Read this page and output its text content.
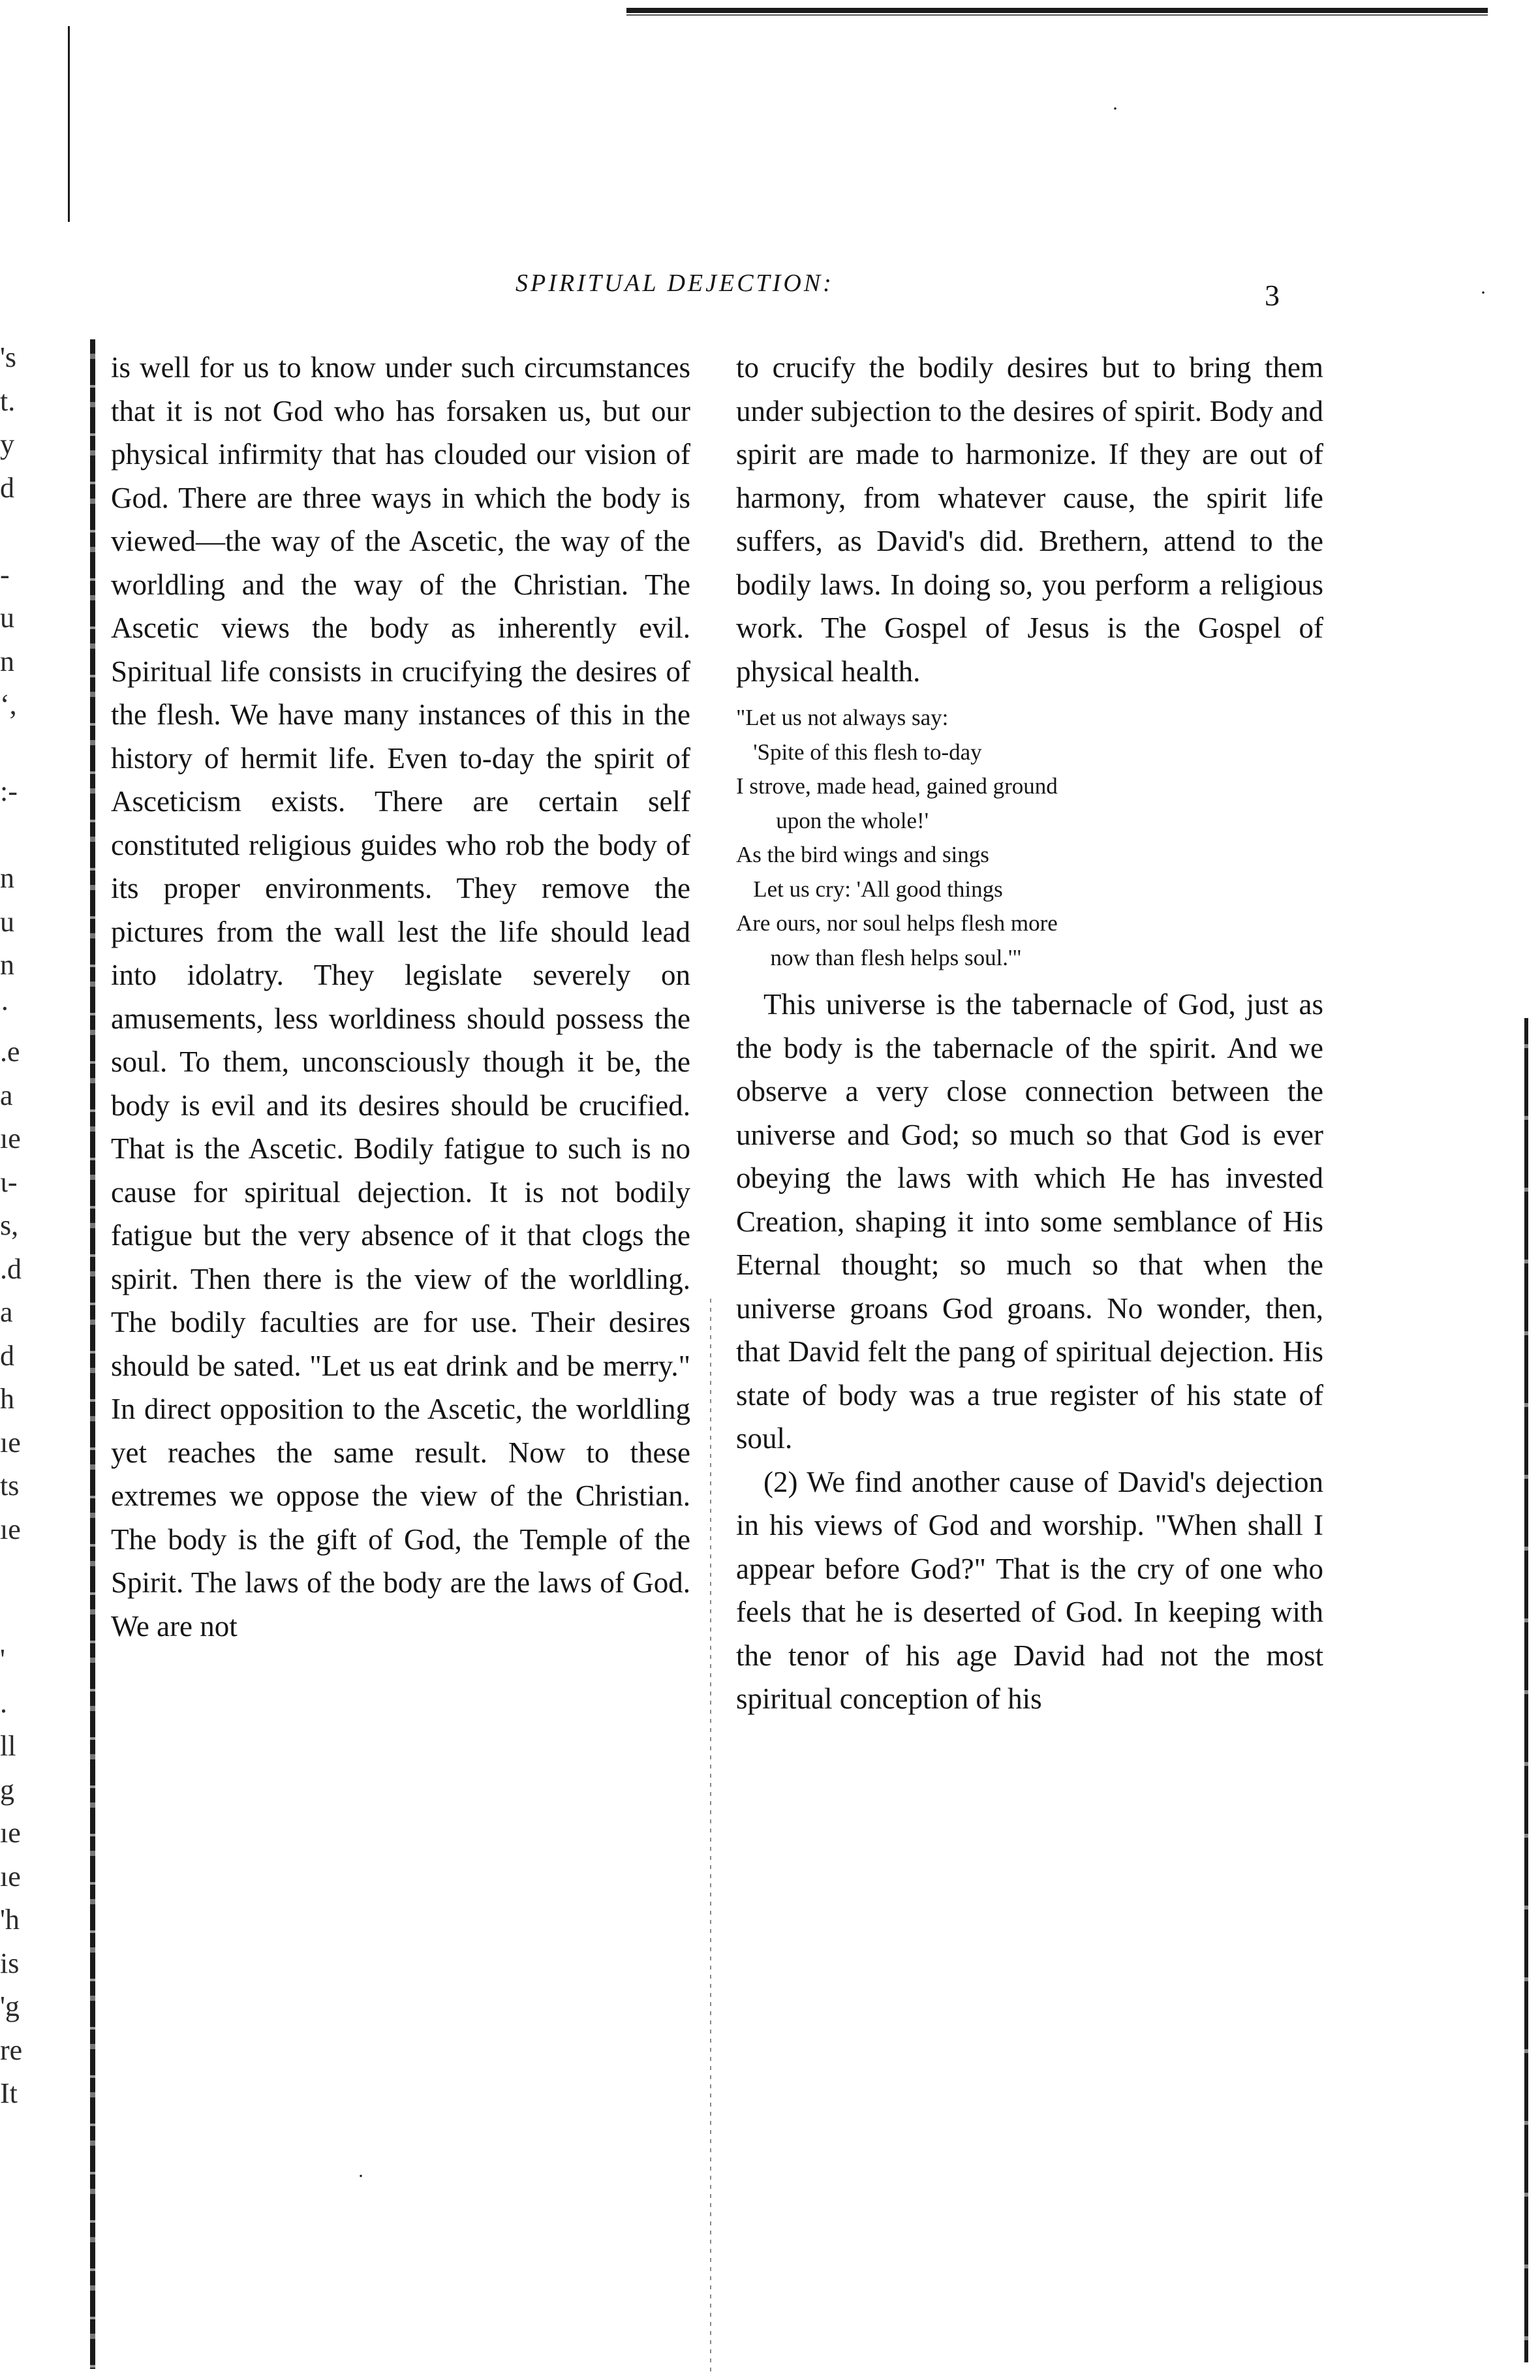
SPIRITUAL DEJECTION:	3
's
t.
y
d
-
u
n
ʻ,
:-
n
u
n
·
.e
a
ıe
ι-
s,
.d
a
d
h
ıe
ts
ıe
'
.
ll
g
ıe
ıe
'h
is
'g
re
It

is well for us to know under such circumstances that it is not God who has forsaken us, but our physical infirmity that has clouded our vision of God. There are three ways in which the body is viewed—the way of the Ascetic, the way of the worldling and the way of the Christian. The Ascetic views the body as inherently evil. Spiritual life consists in crucifying the desires of the flesh. We have many instances of this in the history of hermit life. Even to-day the spirit of Asceticism exists. There are certain self constituted religious guides who rob the body of its proper environments. They remove the pictures from the wall lest the life should lead into idolatry. They legislate severely on amusements, less worldiness should possess the soul. To them, unconsciously though it be, the body is evil and its desires should be crucified. That is the Ascetic. Bodily fatigue to such is no cause for spiritual dejection. It is not bodily fatigue but the very absence of it that clogs the spirit. Then there is the view of the worldling. The bodily faculties are for use. Their desires should be sated. "Let us eat drink and be merry." In direct opposition to the Ascetic, the worldling yet reaches the same result. Now to these extremes we oppose the view of the Christian. The body is the gift of God, the Temple of the Spirit. The laws of the body are the laws of God. We are not

to crucify the bodily desires but to bring them under subjection to the desires of spirit. Body and spirit are made to harmonize. If they are out of harmony, from whatever cause, the spirit life suffers, as David's did. Brethern, attend to the bodily laws. In doing so, you perform a religious work. The Gospel of Jesus is the Gospel of physical health.

"Let us not always say:
'Spite of this flesh to-day
I strove, made head, gained ground
upon the whole!'
As the bird wings and sings
Let us cry: 'All good things
Are ours, nor soul helps flesh more
now than flesh helps soul.'"

This universe is the tabernacle of God, just as the body is the tabernacle of the spirit. And we observe a very close connection between the universe and God; so much so that God is ever obeying the laws with which He has invested Creation, shaping it into some semblance of His Eternal thought; so much so that when the universe groans God groans. No wonder, then, that David felt the pang of spiritual dejection. His state of body was a true register of his state of soul.

(2) We find another cause of David's dejection in his views of God and worship. "When shall I appear before God?" That is the cry of one who feels that he is deserted of God. In keeping with the tenor of his age David had not the most spiritual conception of his

·
·
·
